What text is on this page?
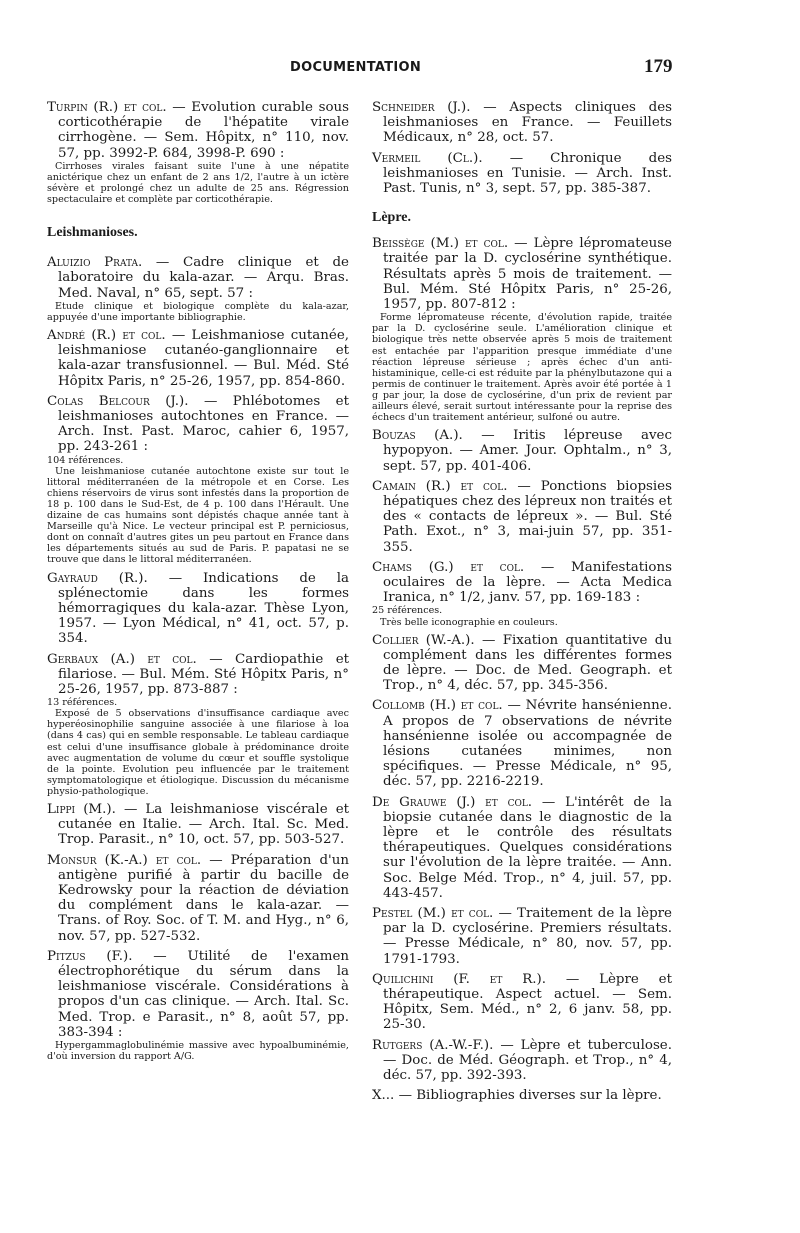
DOCUMENTATION	179
Turpin (R.) et col. — Evolution curable sous corticothérapie de l'hépatite virale cirrhogène. — Sem. Hôpitx, n° 110, nov. 57, pp. 3992-P. 684, 3998-P. 690 :
Cirrhoses virales faisant suite l'une à une népatite anictérique chez un enfant de 2 ans 1/2, l'autre à un ictère sévère et prolongé chez un adulte de 25 ans. Régression spectaculaire et complète par corticothérapie.
Leishmanioses.
Aluizio Prata. — Cadre clinique et de laboratoire du kala-azar. — Arqu. Bras. Med. Naval, n° 65, sept. 57 :
Etude clinique et biologique complète du kala-azar, appuyée d'une importante bibliographie.
André (R.) et col. — Leishmaniose cutanée, leishmaniose cutanéo-ganglionnaire et kala-azar transfusionnel. — Bul. Méd. Sté Hôpitx Paris, n° 25-26, 1957, pp. 854-860.
Colas Belcour (J.). — Phlébotomes et leishmanioses autochtones en France. — Arch. Inst. Past. Maroc, cahier 6, 1957, pp. 243-261 :
104 références.
Une leishmaniose cutanée autochtone existe sur tout le littoral méditerranéen de la métropole et en Corse. Les chiens réservoirs de virus sont infestés dans la proportion de 18 p. 100 dans le Sud-Est, de 4 p. 100 dans l'Hérault. Une dizaine de cas humains sont dépistés chaque année tant à Marseille qu'à Nice. Le vecteur principal est P. perniciosus, dont on connaît d'autres gites un peu partout en France dans les départements situés au sud de Paris. P. papatasi ne se trouve que dans le littoral méditerranéen.
Gayraud (R.). — Indications de la splénectomie dans les formes hémorragiques du kala-azar. Thèse Lyon, 1957. — Lyon Médical, n° 41, oct. 57, p. 354.
Gerbaux (A.) et col. — Cardiopathie et filariose. — Bul. Mém. Sté Hôpitx Paris, n° 25-26, 1957, pp. 873-887 :
13 références.
Exposé de 5 observations d'insuffisance cardiaque avec hyperéosinophilie sanguine associée à une filariose à loa (dans 4 cas) qui en semble responsable. Le tableau cardiaque est celui d'une insuffisance globale à prédominance droite avec augmentation de volume du cœur et souffle systolique de la pointe. Evolution peu influencée par le traitement symptomatologique et étiologique. Discussion du mécanisme physio-pathologique.
Lippi (M.). — La leishmaniose viscérale et cutanée en Italie. — Arch. Ital. Sc. Med. Trop. Parasit., n° 10, oct. 57, pp. 503-527.
Monsur (K.-A.) et col. — Préparation d'un antigène purifié à partir du bacille de Kedrowsky pour la réaction de déviation du complément dans le kala-azar. — Trans. of Roy. Soc. of T. M. and Hyg., n° 6, nov. 57, pp. 527-532.
Pitzus (F.). — Utilité de l'examen électrophorétique du sérum dans la leishmaniose viscérale. Considérations à propos d'un cas clinique. — Arch. Ital. Sc. Med. Trop. e Parasit., n° 8, août 57, pp. 383-394 :
Hypergammaglobulinémie massive avec hypoalbuminémie, d'où inversion du rapport A/G.
Schneider (J.). — Aspects cliniques des leishmanioses en France. — Feuillets Médicaux, n° 28, oct. 57.
Vermeil (Cl.). — Chronique des leishmanioses en Tunisie. — Arch. Inst. Past. Tunis, n° 3, sept. 57, pp. 385-387.
Lèpre.
Beissège (M.) et col. — Lèpre lépromateuse traitée par la D. cyclosérine synthétique. Résultats après 5 mois de traitement. — Bul. Mém. Sté Hôpitx Paris, n° 25-26, 1957, pp. 807-812 :
Forme lépromateuse récente, d'évolution rapide, traitée par la D. cyclosérine seule. L'amélioration clinique et biologique très nette observée après 5 mois de traitement est entachée par l'apparition presque immédiate d'une réaction lépreuse sérieuse ; après échec d'un anti-histaminique, celle-ci est réduite par la phénylbutazone qui a permis de continuer le traitement. Après avoir été portée à 1 g par jour, la dose de cyclosérine, d'un prix de revient par ailleurs élevé, serait surtout intéressante pour la reprise des échecs d'un traitement antérieur, sulfoné ou autre.
Bouzas (A.). — Iritis lépreuse avec hypopyon. — Amer. Jour. Ophtalm., n° 3, sept. 57, pp. 401-406.
Camain (R.) et col. — Ponctions biopsies hépatiques chez des lépreux non traités et des « contacts de lépreux ». — Bul. Sté Path. Exot., n° 3, mai-juin 57, pp. 351-355.
Chams (G.) et col. — Manifestations oculaires de la lèpre. — Acta Medica Iranica, n° 1/2, janv. 57, pp. 169-183 :
25 références.
Très belle iconographie en couleurs.
Collier (W.-A.). — Fixation quantitative du complément dans les différentes formes de lèpre. — Doc. de Med. Geograph. et Trop., n° 4, déc. 57, pp. 345-356.
Collomb (H.) et col. — Névrite hansénienne. A propos de 7 observations de névrite hansénienne isolée ou accompagnée de lésions cutanées minimes, non spécifiques. — Presse Médicale, n° 95, déc. 57, pp. 2216-2219.
De Grauwe (J.) et col. — L'intérêt de la biopsie cutanée dans le diagnostic de la lèpre et le contrôle des résultats thérapeutiques. Quelques considérations sur l'évolution de la lèpre traitée. — Ann. Soc. Belge Méd. Trop., n° 4, juil. 57, pp. 443-457.
Pestel (M.) et col. — Traitement de la lèpre par la D. cyclosérine. Premiers résultats. — Presse Médicale, n° 80, nov. 57, pp. 1791-1793.
Quilichini (F. et R.). — Lèpre et thérapeutique. Aspect actuel. — Sem. Hôpitx, Sem. Méd., n° 2, 6 janv. 58, pp. 25-30.
Rutgers (A.-W.-F.). — Lèpre et tuberculose. — Doc. de Méd. Géograph. et Trop., n° 4, déc. 57, pp. 392-393.
X... — Bibliographies diverses sur la lèpre.
